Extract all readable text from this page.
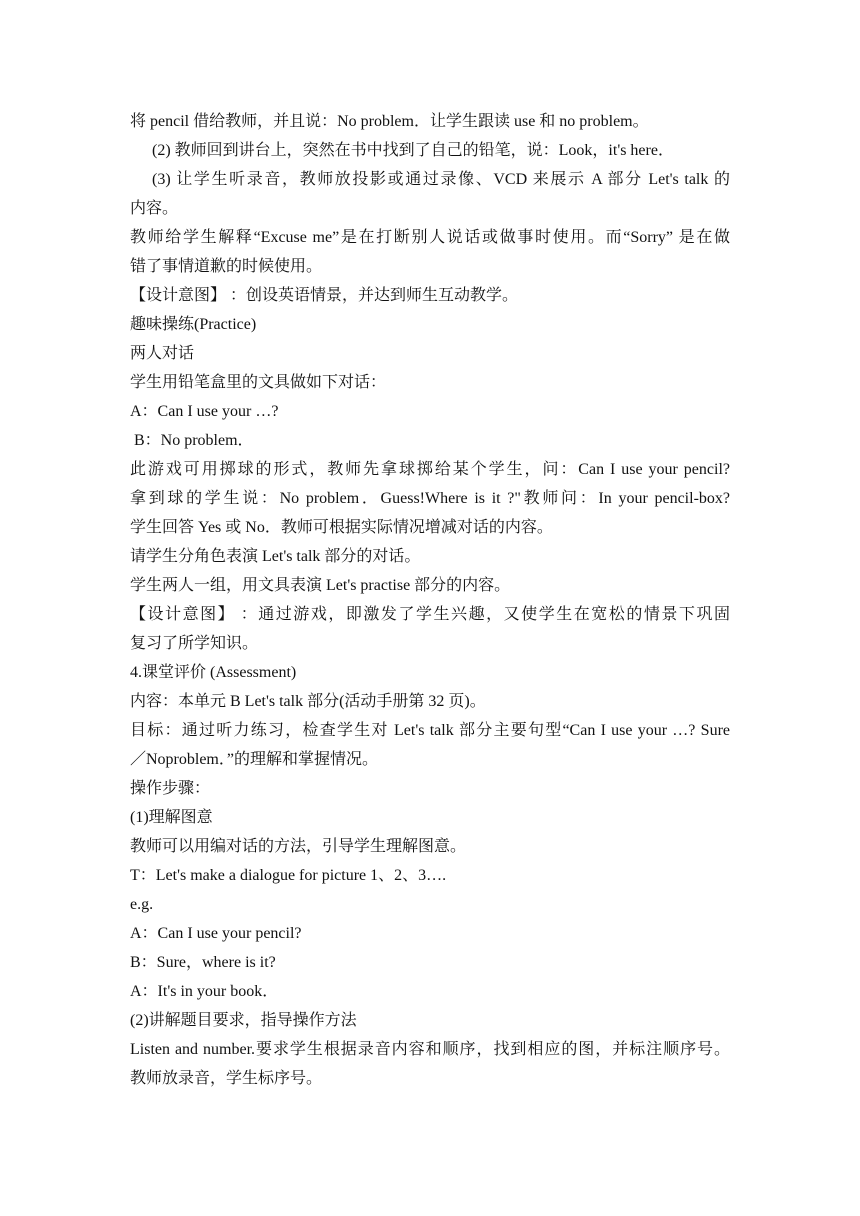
将 pencil 借给教师，并且说：No problem．让学生跟读 use 和 no problem。
(2) 教师回到讲台上，突然在书中找到了自己的铅笔，说：Look，it's here．
(3) 让学生听录音，教师放投影或通过录像、VCD 来展示 A 部分 Let's talk 的
内容。
教师给学生解释“Excuse me”是在打断别人说话或做事时使用。而“Sorry” 是在做
错了事情道歉的时候使用。
【设计意图】 ：创设英语情景，并达到师生互动教学。
趣味操练(Practice)
两人对话
学生用铅笔盒里的文具做如下对话：
A：Can I use your …?
B：No problem．
此游戏可用掷球的形式，教师先拿球掷给某个学生，问：Can I use your pencil?
拿到球的学生说：No problem．Guess!Where is it ?"教师问：In your pencil-box?
学生回答 Yes 或 No．教师可根据实际情况增减对话的内容。
请学生分角色表演 Let's talk 部分的对话。
学生两人一组，用文具表演 Let's practise 部分的内容。
【设计意图】 ：通过游戏，即激发了学生兴趣，又使学生在宽松的情景下巩固
复习了所学知识。
4.课堂评价 (Assessment)
内容：本单元 B Let's talk 部分(活动手册第 32 页)。
目标：通过听力练习，检查学生对 Let's talk 部分主要句型“Can I use your …? Sure
／Noproblem．”的理解和掌握情况。
操作步骤：
(1)理解图意
教师可以用编对话的方法，引导学生理解图意。
T：Let's make a dialogue for picture 1、2、3….
e.g.
A：Can I use your pencil?
B：Sure，where is it?
A：It's in your book．
(2)讲解题目要求，指导操作方法
Listen and number.要求学生根据录音内容和顺序，找到相应的图，并标注顺序号。
教师放录音，学生标序号。
